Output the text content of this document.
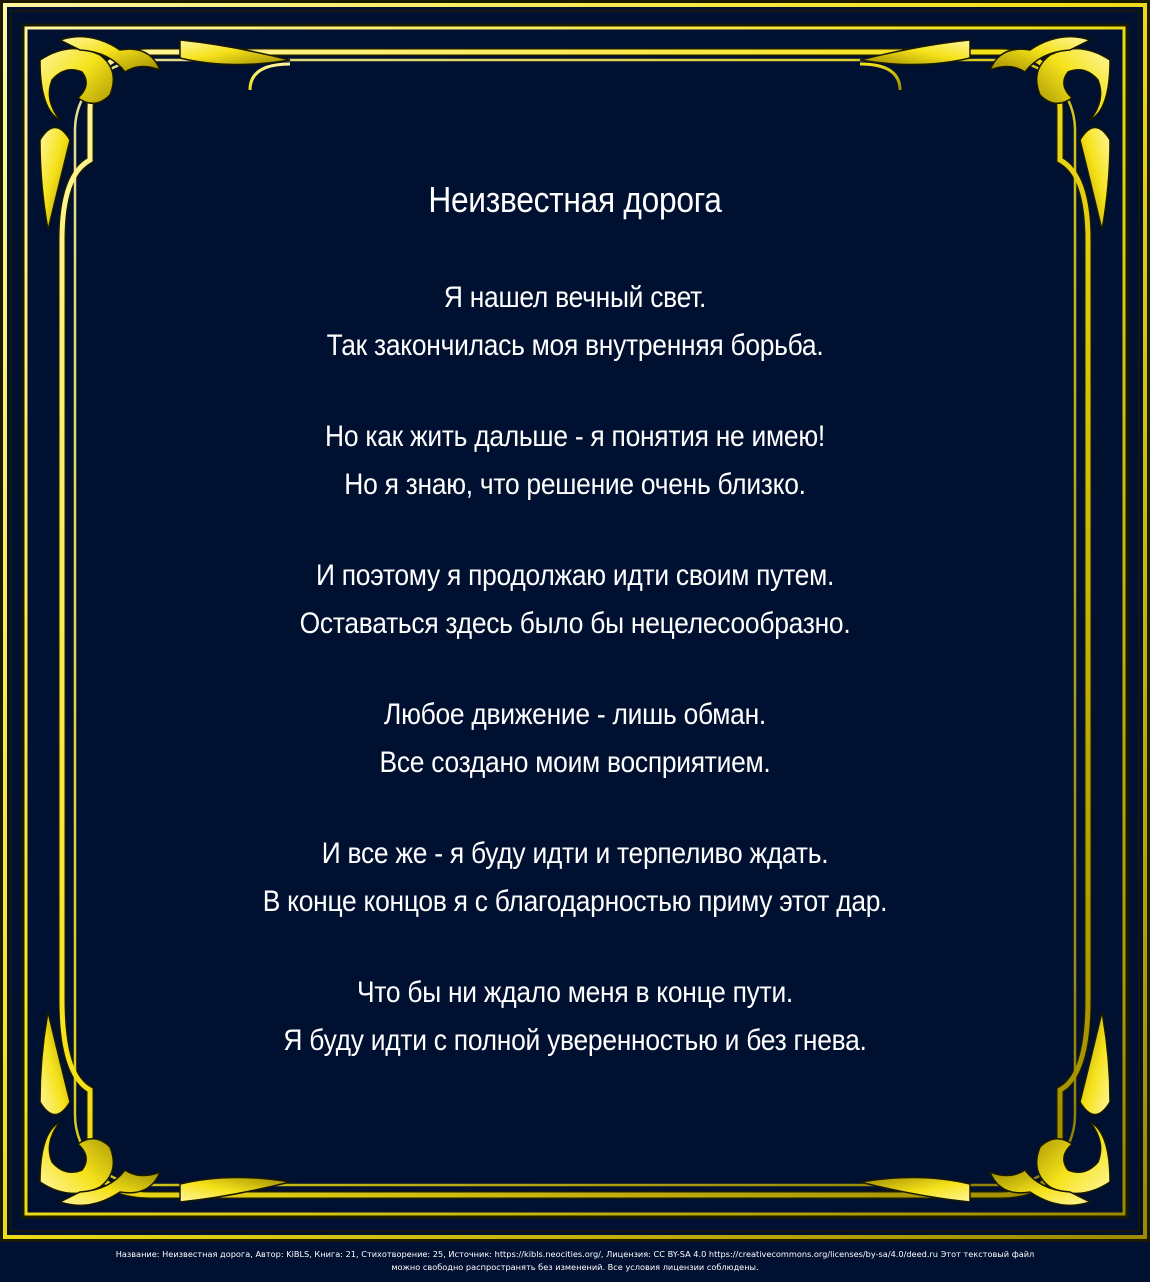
Неизвестная дорога
Я нашел вечный свет.
Так закончилась моя внутренняя борьба.
Но как жить дальше - я понятия не имею!
Но я знаю, что решение очень близко.
И поэтому я продолжаю идти своим путем.
Оставаться здесь было бы нецелесообразно.
Любое движение - лишь обман.
Все создано моим восприятием.
И все же - я буду идти и терпеливо ждать.
В конце концов я с благодарностью приму этот дар.
Что бы ни ждало меня в конце пути.
Я буду идти с полной уверенностью и без гнева.
Название: Неизвестная дорога, Автор: KiBLS, Книга: 21, Стихотворение: 25, Источник: https://kibls.neocities.org/, Лицензия: CC BY-SA 4.0 https://creativecommons.org/licenses/by-sa/4.0/deed.ru Этот текстовый файл
можно свободно распространять без изменений. Все условия лицензии соблюдены.
